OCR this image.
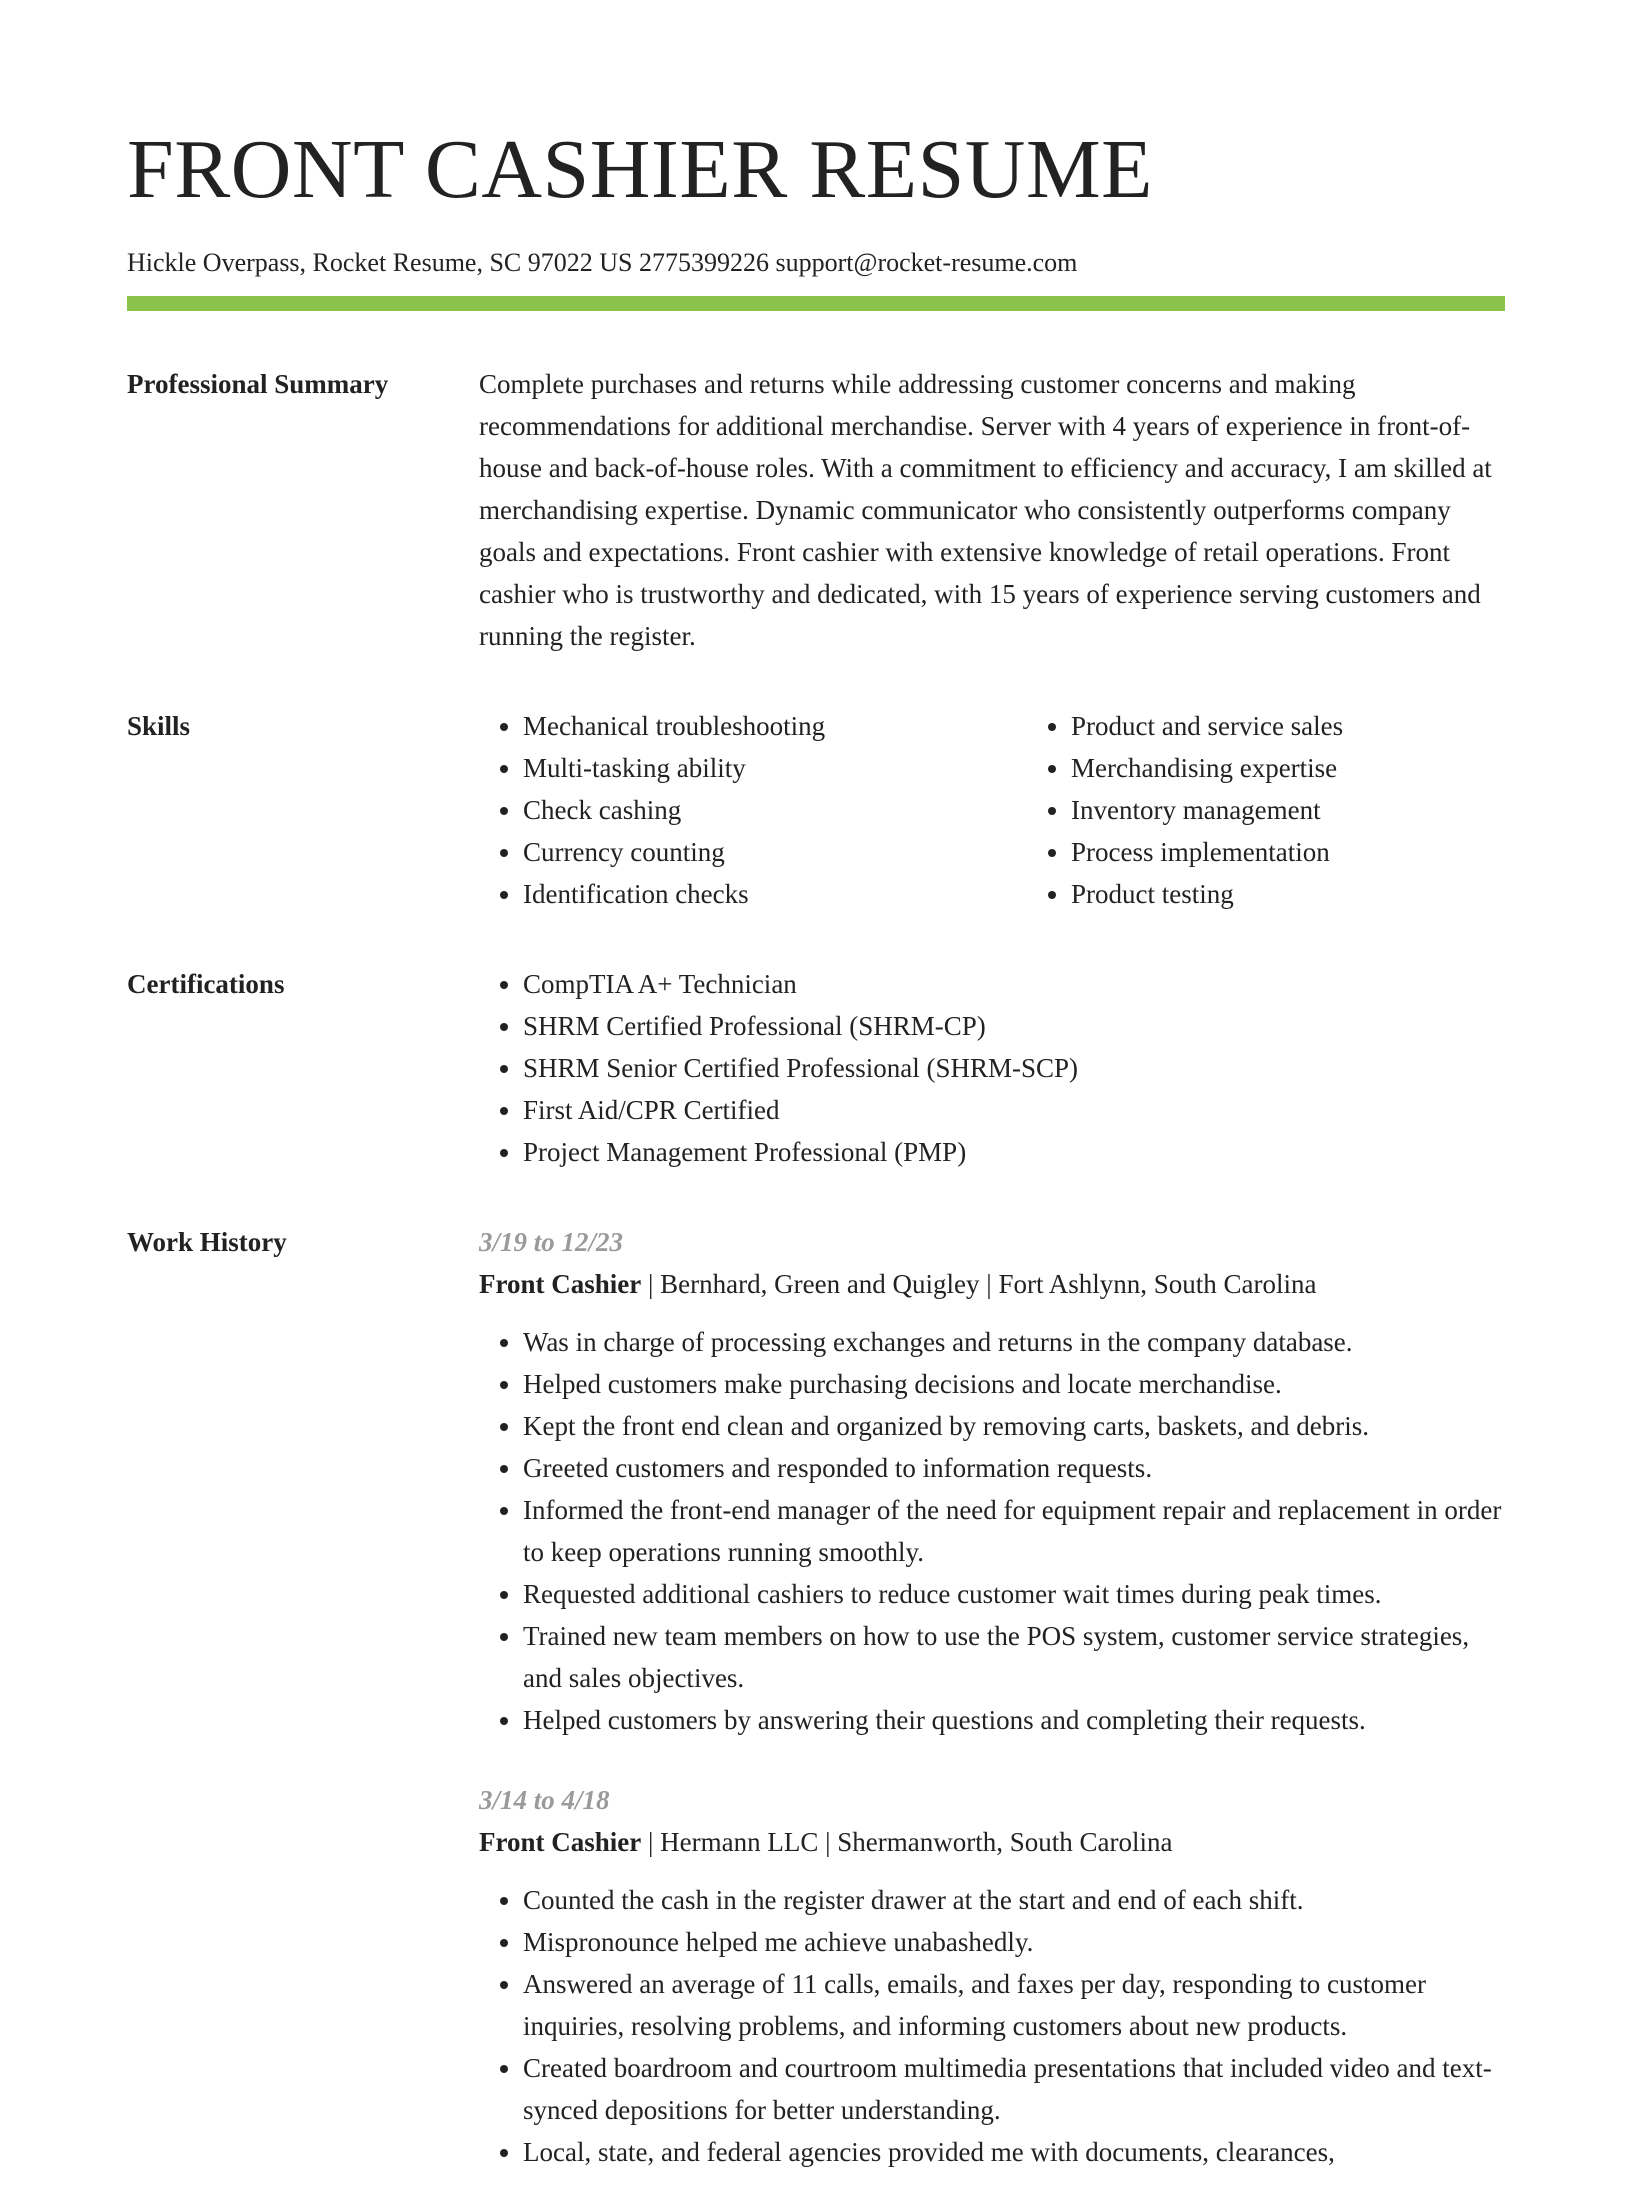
FRONT CASHIER RESUME
Hickle Overpass, Rocket Resume, SC 97022 US 2775399226 support@rocket-resume.com
Professional Summary	Complete purchases and returns while addressing customer concerns and making recommendations for additional merchandise. Server with 4 years of experience in front-of-house and back-of-house roles. With a commitment to efficiency and accuracy, I am skilled at merchandising expertise. Dynamic communicator who consistently outperforms company goals and expectations. Front cashier with extensive knowledge of retail operations. Front cashier who is trustworthy and dedicated, with 15 years of experience serving customers and running the register.

Skills	• Mechanical troubleshooting
• Multi-tasking ability
• Check cashing
• Currency counting
• Identification checks
• Product and service sales
• Merchandising expertise
• Inventory management
• Process implementation
• Product testing
Certifications	• CompTIA A+ Technician
• SHRM Certified Professional (SHRM-CP)
• SHRM Senior Certified Professional (SHRM-SCP)
• First Aid/CPR Certified
• Project Management Professional (PMP)
Work History	3/19 to 12/23
Front Cashier | Bernhard, Green and Quigley | Fort Ashlynn, South Carolina
• Was in charge of processing exchanges and returns in the company database.
• Helped customers make purchasing decisions and locate merchandise.
• Kept the front end clean and organized by removing carts, baskets, and debris.
• Greeted customers and responded to information requests.
• Informed the front-end manager of the need for equipment repair and replacement in order to keep operations running smoothly.
• Requested additional cashiers to reduce customer wait times during peak times.
• Trained new team members on how to use the POS system, customer service strategies, and sales objectives.
• Helped customers by answering their questions and completing their requests.
3/14 to 4/18
Front Cashier | Hermann LLC | Shermanworth, South Carolina
• Counted the cash in the register drawer at the start and end of each shift.
• Mispronounce helped me achieve unabashedly.
• Answered an average of 11 calls, emails, and faxes per day, responding to customer inquiries, resolving problems, and informing customers about new products.
• Created boardroom and courtroom multimedia presentations that included video and text-synced depositions for better understanding.
• Local, state, and federal agencies provided me with documents, clearances,
